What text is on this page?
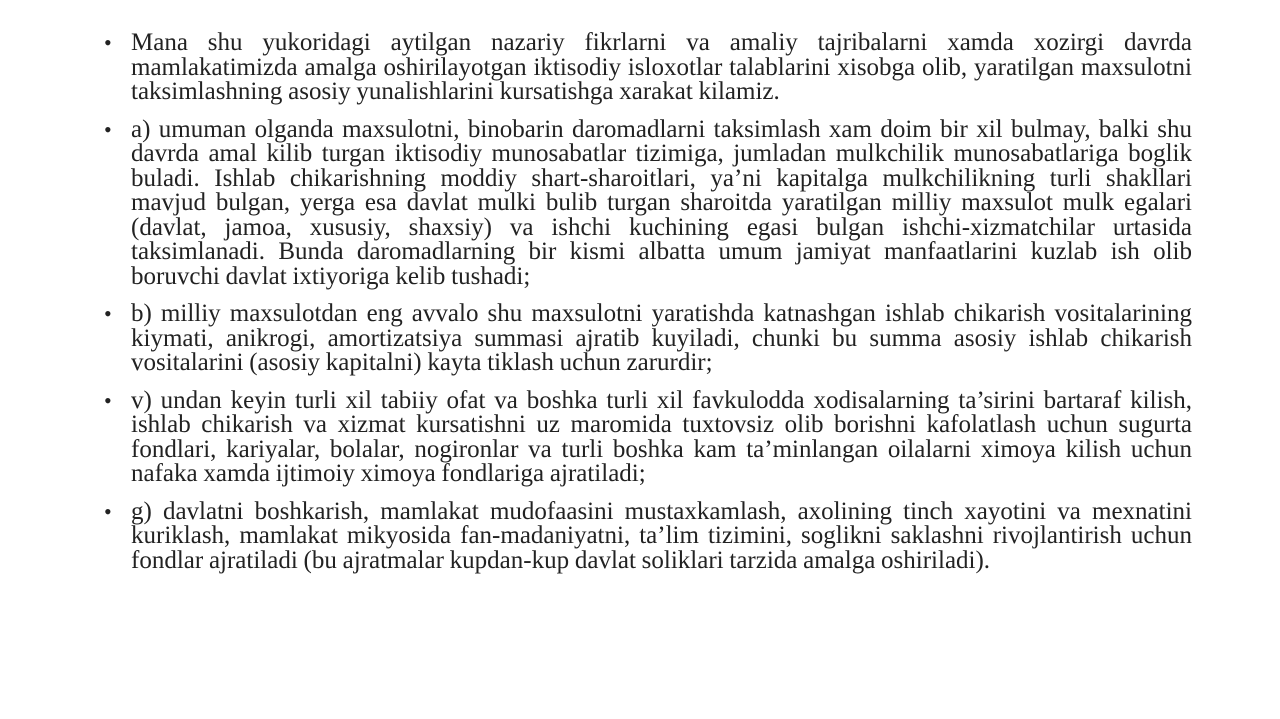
• Mana shu yukoridagi aytilgan nazariy fikrlarni va amaliy tajribalarni xamda xozirgi davrda mamlakatimizda amalga oshirilayotgan iktisodiy isloxotlar talablarini xisobga olib, yaratilgan maxsulotni taksimlashning asosiy yunalishlarini kursatishga xarakat kilamiz.
• a) umuman olganda maxsulotni, binobarin daromadlarni taksimlash xam doim bir xil bulmay, balki shu davrda amal kilib turgan iktisodiy munosabatlar tizimiga, jumladan mulkchilik munosabatlariga boglik buladi. Ishlab chikarishning moddiy shart-sharoitlari, ya’ni kapitalga mulkchilikning turli shakllari mavjud bulgan, yerga esa davlat mulki bulib turgan sharoitda yaratilgan milliy maxsulot mulk egalari (davlat, jamoa, xususiy, shaxsiy) va ishchi kuchining egasi bulgan ishchi-xizmatchilar urtasida taksimlanadi. Bunda daromadlarning bir kismi albatta umum jamiyat manfaatlarini kuzlab ish olib boruvchi davlat ixtiyoriga kelib tushadi;
• b) milliy maxsulotdan eng avvalo shu maxsulotni yaratishda katnashgan ishlab chikarish vositalarining kiymati, anikrogi, amortizatsiya summasi ajratib kuyiladi, chunki bu summa asosiy ishlab chikarish vositalarini (asosiy kapitalni) kayta tiklash uchun zarurdir;
• v) undan keyin turli xil tabiiy ofat va boshka turli xil favkulodda xodisalarning ta’sirini bartaraf kilish, ishlab chikarish va xizmat kursatishni uz maromida tuxtovsiz olib borishni kafolatlash uchun sugurta fondlari, kariyalar, bolalar, nogironlar va turli boshka kam ta’minlangan oilalarni ximoya kilish uchun nafaka xamda ijtimoiy ximoya fondlariga ajratiladi;
• g) davlatni boshkarish, mamlakat mudofaasini mustaxkamlash, axolining tinch xayotini va mexnatini kuriklash, mamlakat mikyosida fan-madaniyatni, ta’lim tizimini, soglikni saklashni rivojlantirish uchun fondlar ajratiladi (bu ajratmalar kupdan-kup davlat soliklari tarzida amalga oshiriladi).
